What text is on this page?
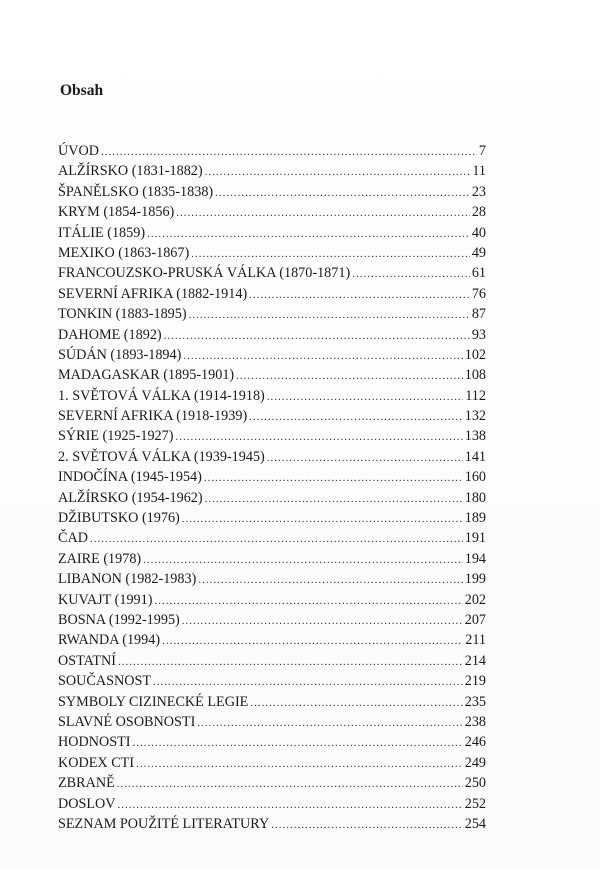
Obsah
ÚVOD .....	7
ALŽÍRSKO (1831-1882) .....	11
ŠPANĚLSKO (1835-1838) .....	23
KRYM (1854-1856) .....	28
ITÁLIE (1859) .....	40
MEXIKO (1863-1867) .....	49
FRANCOUZSKO-PRUSKÁ VÁLKA (1870-1871) .....	61
SEVERNÍ AFRIKA (1882-1914) .....	76
TONKIN (1883-1895) .....	87
DAHOME (1892) .....	93
SÚDÁN (1893-1894) .....	102
MADAGASKAR (1895-1901) .....	108
1. SVĚTOVÁ VÁLKA (1914-1918) .....	112
SEVERNÍ AFRIKA (1918-1939) .....	132
SÝRIE (1925-1927) .....	138
2. SVĚTOVÁ VÁLKA (1939-1945) .....	141
INDOČÍNA (1945-1954) .....	160
ALŽÍRSKO (1954-1962) .....	180
DŽIBUTSKO (1976) .....	189
ČAD .....	191
ZAIRE (1978) .....	194
LIBANON (1982-1983) .....	199
KUVAJT (1991) .....	202
BOSNA (1992-1995) .....	207
RWANDA (1994) .....	211
OSTATNÍ .....	214
SOUČASNOST .....	219
SYMBOLY CIZINECKÉ LEGIE .....	235
SLAVNÉ OSOBNOSTI .....	238
HODNOSTI .....	246
KODEX CTI .....	249
ZBRANĚ .....	250
DOSLOV .....	252
SEZNAM POUŽITÉ LITERATURY .....	254
